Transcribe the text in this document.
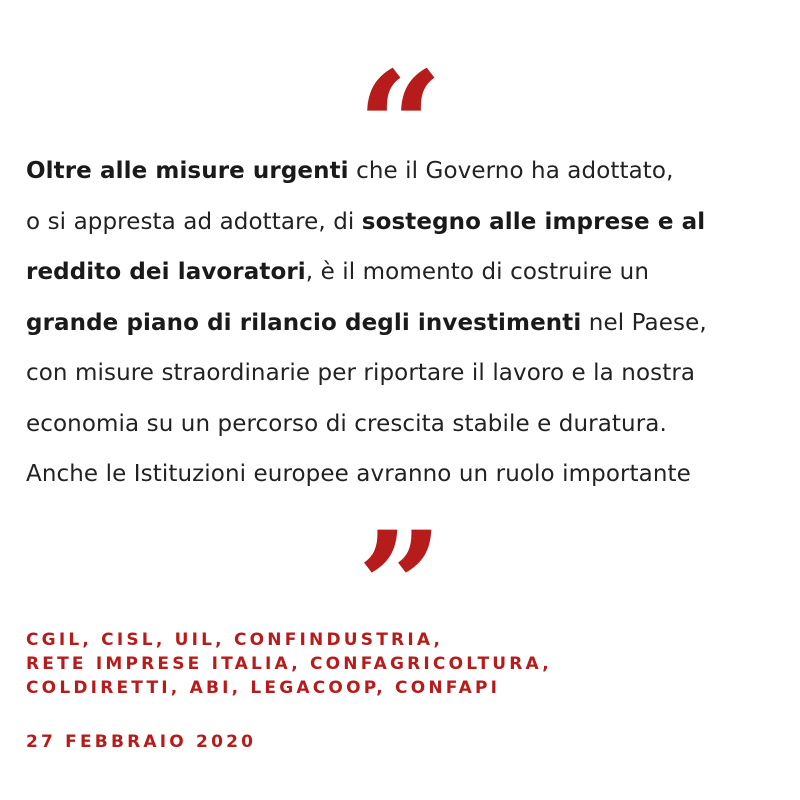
“

Oltre alle misure urgenti che il Governo ha adottato,
o si appresta ad adottare, di sostegno alle imprese e al
reddito dei lavoratori, è il momento di costruire un
grande piano di rilancio degli investimenti nel Paese,
con misure straordinarie per riportare il lavoro e la nostra
economia su un percorso di crescita stabile e duratura.
Anche le Istituzioni europee avranno un ruolo importante

”
CGIL, CISL, UIL, CONFINDUSTRIA,
RETE IMPRESE ITALIA, CONFAGRICOLTURA,
COLDIRETTI, ABI, LEGACOOP, CONFAPI
27 FEBBRAIO 2020
